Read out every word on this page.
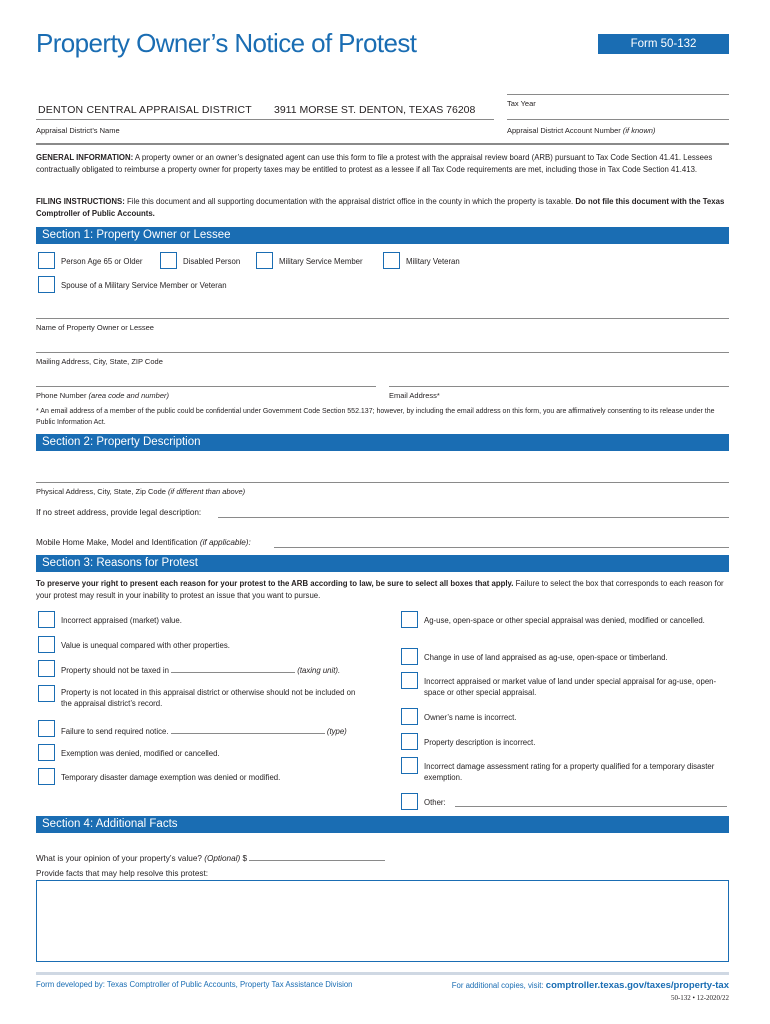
Property Owner’s Notice of Protest	Form 50-132
Tax Year
DENTON CENTRAL APPRAISAL DISTRICT 3911 MORSE ST. DENTON, TEXAS 76208
Appraisal District’s Name	Appraisal District Account Number (if known)
GENERAL INFORMATION: A property owner or an owner’s designated agent can use this form to file a protest with the appraisal review board (ARB) pursuant to Tax Code Section 41.41. Lessees contractually obligated to reimburse a property owner for property taxes may be entitled to protest as a lessee if all Tax Code requirements are met, including those in Tax Code Section 41.413.
FILING INSTRUCTIONS: File this document and all supporting documentation with the appraisal district office in the county in which the property is taxable. Do not file this document with the Texas Comptroller of Public Accounts.
Section 1: Property Owner or Lessee
Person Age 65 or Older	Disabled Person	Military Service Member	Military Veteran
Spouse of a Military Service Member or Veteran
Name of Property Owner or Lessee
Mailing Address, City, State, ZIP Code
Phone Number (area code and number)	Email Address*
* An email address of a member of the public could be confidential under Government Code Section 552.137; however, by including the email address on this form, you are affirmatively consenting to its release under the Public Information Act.
Section 2: Property Description
Physical Address, City, State, Zip Code (if different than above)
If no street address, provide legal description:
Mobile Home Make, Model and Identification (if applicable):
Section 3: Reasons for Protest
To preserve your right to present each reason for your protest to the ARB according to law, be sure to select all boxes that apply. Failure to select the box that corresponds to each reason for your protest may result in your inability to protest an issue that you want to pursue.
Incorrect appraised (market) value.
Value is unequal compared with other properties.
Property should not be taxed in	(taxing unit).
Property is not located in this appraisal district or otherwise should not be included on the appraisal district’s record.
Failure to send required notice.	(type)
Exemption was denied, modified or cancelled.
Temporary disaster damage exemption was denied or modified.
Ag-use, open-space or other special appraisal was denied, modified or cancelled.
Change in use of land appraised as ag-use, open-space or timberland.
Incorrect appraised or market value of land under special appraisal for ag-use, open-space or other special appraisal.
Owner’s name is incorrect.
Property description is incorrect.
Incorrect damage assessment rating for a property qualified for a temporary disaster exemption.
Other:
Section 4: Additional Facts
What is your opinion of your property’s value? (Optional) $
Provide facts that may help resolve this protest:
Form developed by: Texas Comptroller of Public Accounts, Property Tax Assistance Division	For additional copies, visit: comptroller.texas.gov/taxes/property-tax
50-132 • 12-2020/22
